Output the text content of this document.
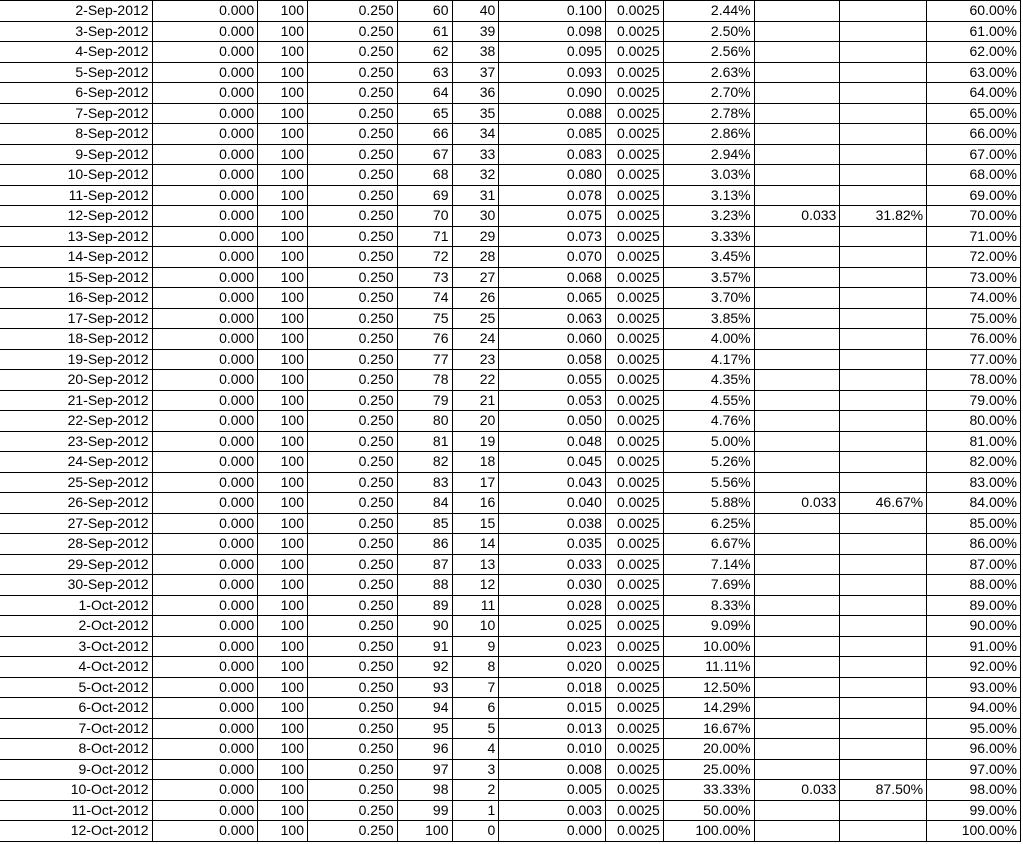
2-Sep-2012	0.000	100	0.250	60	40	0.100	0.0025	2.44%			60.00%
3-Sep-2012	0.000	100	0.250	61	39	0.098	0.0025	2.50%			61.00%
4-Sep-2012	0.000	100	0.250	62	38	0.095	0.0025	2.56%			62.00%
5-Sep-2012	0.000	100	0.250	63	37	0.093	0.0025	2.63%			63.00%
6-Sep-2012	0.000	100	0.250	64	36	0.090	0.0025	2.70%			64.00%
7-Sep-2012	0.000	100	0.250	65	35	0.088	0.0025	2.78%			65.00%
8-Sep-2012	0.000	100	0.250	66	34	0.085	0.0025	2.86%			66.00%
9-Sep-2012	0.000	100	0.250	67	33	0.083	0.0025	2.94%			67.00%
10-Sep-2012	0.000	100	0.250	68	32	0.080	0.0025	3.03%			68.00%
11-Sep-2012	0.000	100	0.250	69	31	0.078	0.0025	3.13%			69.00%
12-Sep-2012	0.000	100	0.250	70	30	0.075	0.0025	3.23%	0.033	31.82%	70.00%
13-Sep-2012	0.000	100	0.250	71	29	0.073	0.0025	3.33%			71.00%
14-Sep-2012	0.000	100	0.250	72	28	0.070	0.0025	3.45%			72.00%
15-Sep-2012	0.000	100	0.250	73	27	0.068	0.0025	3.57%			73.00%
16-Sep-2012	0.000	100	0.250	74	26	0.065	0.0025	3.70%			74.00%
17-Sep-2012	0.000	100	0.250	75	25	0.063	0.0025	3.85%			75.00%
18-Sep-2012	0.000	100	0.250	76	24	0.060	0.0025	4.00%			76.00%
19-Sep-2012	0.000	100	0.250	77	23	0.058	0.0025	4.17%			77.00%
20-Sep-2012	0.000	100	0.250	78	22	0.055	0.0025	4.35%			78.00%
21-Sep-2012	0.000	100	0.250	79	21	0.053	0.0025	4.55%			79.00%
22-Sep-2012	0.000	100	0.250	80	20	0.050	0.0025	4.76%			80.00%
23-Sep-2012	0.000	100	0.250	81	19	0.048	0.0025	5.00%			81.00%
24-Sep-2012	0.000	100	0.250	82	18	0.045	0.0025	5.26%			82.00%
25-Sep-2012	0.000	100	0.250	83	17	0.043	0.0025	5.56%			83.00%
26-Sep-2012	0.000	100	0.250	84	16	0.040	0.0025	5.88%	0.033	46.67%	84.00%
27-Sep-2012	0.000	100	0.250	85	15	0.038	0.0025	6.25%			85.00%
28-Sep-2012	0.000	100	0.250	86	14	0.035	0.0025	6.67%			86.00%
29-Sep-2012	0.000	100	0.250	87	13	0.033	0.0025	7.14%			87.00%
30-Sep-2012	0.000	100	0.250	88	12	0.030	0.0025	7.69%			88.00%
1-Oct-2012	0.000	100	0.250	89	11	0.028	0.0025	8.33%			89.00%
2-Oct-2012	0.000	100	0.250	90	10	0.025	0.0025	9.09%			90.00%
3-Oct-2012	0.000	100	0.250	91	9	0.023	0.0025	10.00%			91.00%
4-Oct-2012	0.000	100	0.250	92	8	0.020	0.0025	11.11%			92.00%
5-Oct-2012	0.000	100	0.250	93	7	0.018	0.0025	12.50%			93.00%
6-Oct-2012	0.000	100	0.250	94	6	0.015	0.0025	14.29%			94.00%
7-Oct-2012	0.000	100	0.250	95	5	0.013	0.0025	16.67%			95.00%
8-Oct-2012	0.000	100	0.250	96	4	0.010	0.0025	20.00%			96.00%
9-Oct-2012	0.000	100	0.250	97	3	0.008	0.0025	25.00%			97.00%
10-Oct-2012	0.000	100	0.250	98	2	0.005	0.0025	33.33%	0.033	87.50%	98.00%
11-Oct-2012	0.000	100	0.250	99	1	0.003	0.0025	50.00%			99.00%
12-Oct-2012	0.000	100	0.250	100	0	0.000	0.0025	100.00%			100.00%
